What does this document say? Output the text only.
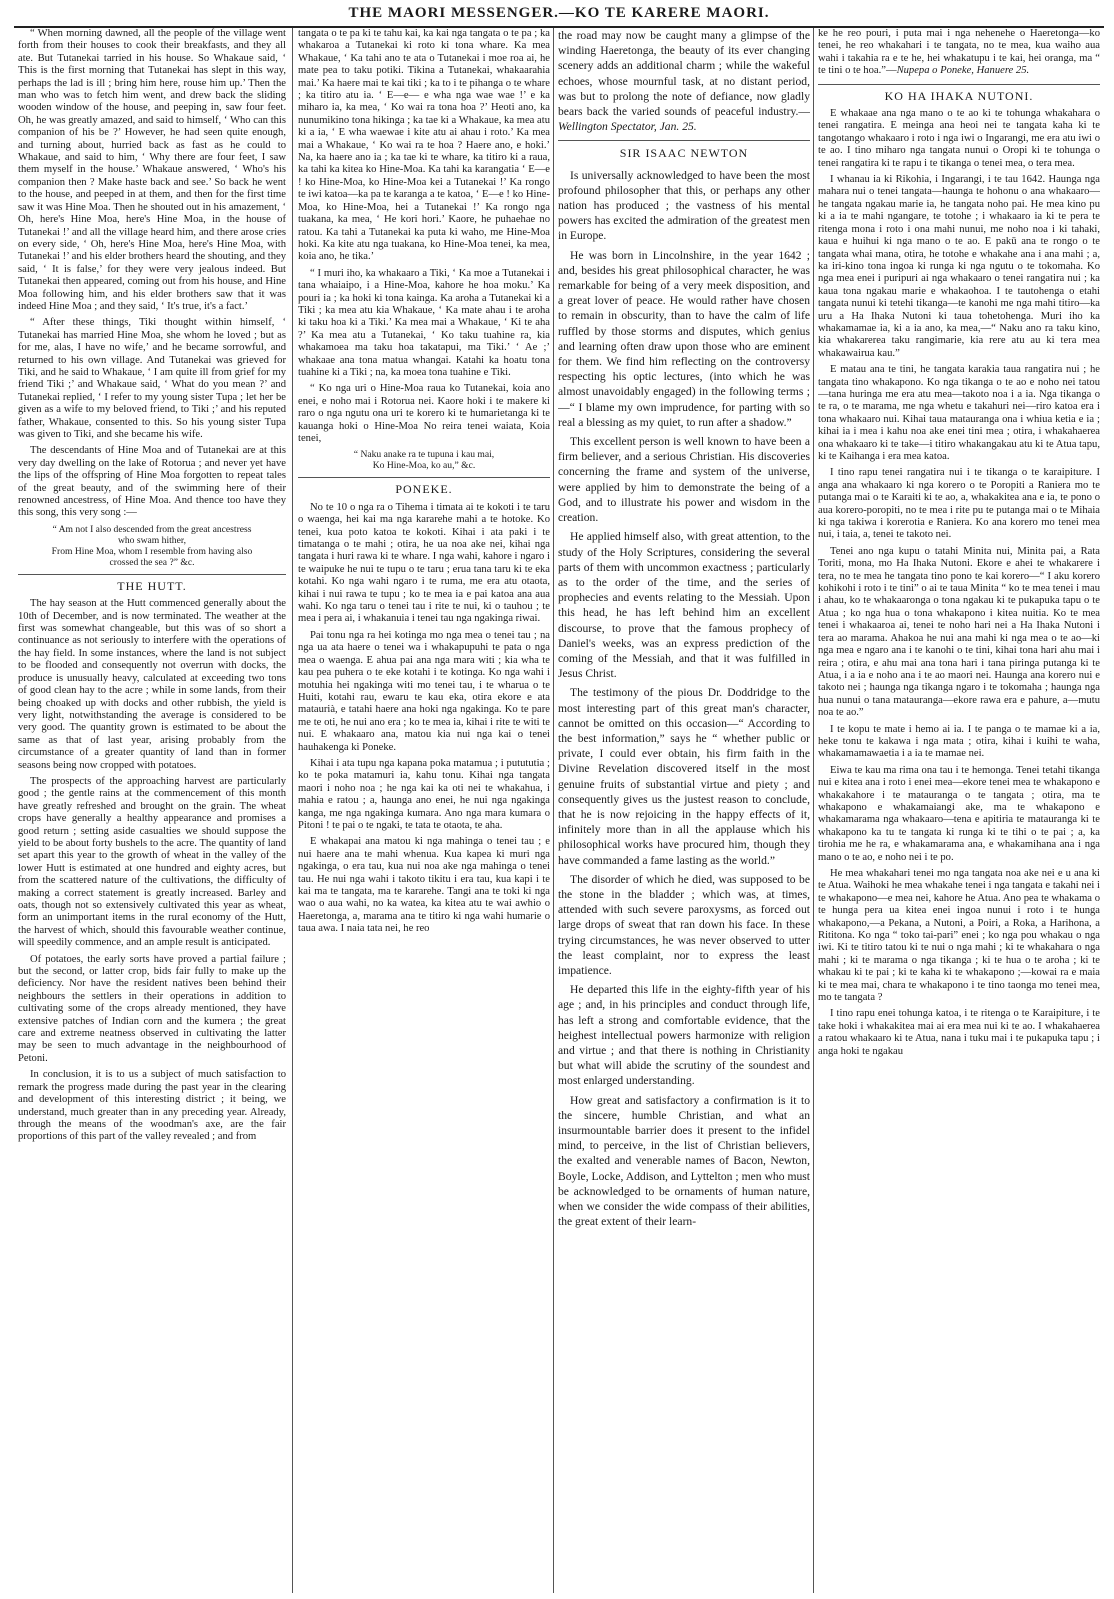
THE MAORI MESSENGER.—KO TE KARERE MAORI.

“ When morning dawned, all the people of the village went forth from their houses to cook their breakfasts, and they all ate. But Tutanekai tarried in his house. So Whakaue said, ‘ This is the first morning that Tutanekai has slept in this way, perhaps the lad is ill ; bring him here, rouse him up.’ Then the man who was to fetch him went, and drew back the sliding wooden window of the house, and peeping in, saw four feet. Oh, he was greatly amazed, and said to himself, ‘ Who can this companion of his be ?’ However, he had seen quite enough, and turning about, hurried back as fast as he could to Whakaue, and said to him, ‘ Why there are four feet, I saw them myself in the house.’ Whakaue answered, ‘ Who's his companion then ? Make haste back and see.’ So back he went to the house, and peeped in at them, and then for the first time saw it was Hine Moa. Then he shouted out in his amazement, ‘ Oh, here's Hine Moa, here's Hine Moa, in the house of Tutanekai !’ and all the village heard him, and there arose cries on every side, ‘ Oh, here's Hine Moa, here's Hine Moa, with Tutanekai !’ and his elder brothers heard the shouting, and they said, ‘ It is false,’ for they were very jealous indeed. But Tutanekai then appeared, coming out from his house, and Hine Moa following him, and his elder brothers saw that it was indeed Hine Moa ; and they said, ‘ It's true, it's a fact.’

“ After these things, Tiki thought within himself, ‘ Tutanekai has married Hine Moa, she whom he loved ; but as for me, alas, I have no wife,’ and he became sorrowful, and returned to his own village. And Tutanekai was grieved for Tiki, and he said to Whakaue, ‘ I am quite ill from grief for my friend Tiki ;’ and Whakaue said, ‘ What do you mean ?’ and Tutanekai replied, ‘ I refer to my young sister Tupa ; let her be given as a wife to my beloved friend, to Tiki ;’ and his reputed father, Whakaue, consented to this. So his young sister Tupa was given to Tiki, and she became his wife.

The descendants of Hine Moa and of Tutanekai are at this very day dwelling on the lake of Rotorua ; and never yet have the lips of the offspring of Hine Moa forgotten to repeat tales of the great beauty, and of the swimming here of their renowned ancestress, of Hine Moa. And thence too have they this song, this very song :—

“ Am not I also descended from the great ancestress
who swam hither,
From Hine Moa, whom I resemble from having also
crossed the sea ?” &c.
THE HUTT.

The hay season at the Hutt commenced generally about the 10th of December, and is now terminated. The weather at the first was somewhat changeable, but this was of so short a continuance as not seriously to interfere with the operations of the hay field. In some instances, where the land is not subject to be flooded and consequently not overrun with docks, the produce is unusually heavy, calculated at exceeding two tons of good clean hay to the acre ; while in some lands, from their being choaked up with docks and other rubbish, the yield is very light, notwithstanding the average is considered to be very good. The quantity grown is estimated to be about the same as that of last year, arising probably from the circumstance of a greater quantity of land than in former seasons being now cropped with potatoes.

The prospects of the approaching harvest are particularly good ; the gentle rains at the commencement of this month have greatly refreshed and brought on the grain. The wheat crops have generally a healthy appearance and promises a good return ; setting aside casualties we should suppose the yield to be about forty bushels to the acre. The quantity of land set apart this year to the growth of wheat in the valley of the lower Hutt is estimated at one hundred and eighty acres, but from the scattered nature of the cultivations, the difficulty of making a correct statement is greatly increased. Barley and oats, though not so extensively cultivated this year as wheat, form an unimportant items in the rural economy of the Hutt, the harvest of which, should this favourable weather continue, will speedily commence, and an ample result is anticipated.

Of potatoes, the early sorts have proved a partial failure ; but the second, or latter crop, bids fair fully to make up the deficiency. Nor have the resident natives been behind their neighbours the settlers in their operations in addition to cultivating some of the crops already mentioned, they have extensive patches of Indian corn and the kumera ; the great care and extreme neatness observed in cultivating the latter may be seen to much advantage in the neighbourhood of Petoni.

In conclusion, it is to us a subject of much satisfaction to remark the progress made during the past year in the clearing and development of this interesting district ; it being, we understand, much greater than in any preceding year. Already, through the means of the woodman's axe, are the fair proportions of this part of the valley revealed ; and from

tangata o te pa ki te tahu kai, ka kai nga tangata o te pa ; ka whakaroa a Tutanekai ki roto ki tona whare. Ka mea Whakaue, ‘ Ka tahi ano te ata o Tutanekai i moe roa ai, he mate pea to taku potiki. Tikina a Tutanekai, whakaarahia mai.’ Ka haere mai te kai tiki ; ka to i te pihanga o te whare ; ka titiro atu ia. ‘ E—e— e wha nga wae wae !’ e ka miharo ia, ka mea, ‘ Ko wai ra tona hoa ?’ Heoti ano, ka nunumikino tona hikinga ; ka tae ki a Whakaue, ka mea atu ki a ia, ‘ E wha waewae i kite atu ai ahau i roto.’ Ka mea mai a Whakaue, ‘ Ko wai ra te hoa ? Haere ano, e hoki.’ Na, ka haere ano ia ; ka tae ki te whare, ka titiro ki a raua, ka tahi ka kitea ko Hine-Moa. Ka tahi ka karangatia ‘ E—e ! ko Hine-Moa, ko Hine-Moa kei a Tutanekai !’ Ka rongo te iwi katoa—ka pa te karanga a te katoa, ‘ E—e ! ko Hine-Moa, ko Hine-Moa, hei a Tutanekai !’ Ka rongo nga tuakana, ka mea, ‘ He kori hori.’ Kaore, he puhaehae no ratou. Ka tahi a Tutanekai ka puta ki waho, me Hine-Moa hoki. Ka kite atu nga tuakana, ko Hine-Moa tenei, ka mea, koia ano, he tika.’

“ I muri iho, ka whakaaro a Tiki, ‘ Ka moe a Tutanekai i tana whaiaipo, i a Hine-Moa, kahore he hoa moku.’ Ka pouri ia ; ka hoki ki tona kainga. Ka aroha a Tutanekai ki a Tiki ; ka mea atu kia Whakaue, ‘ Ka mate ahau i te aroha ki taku hoa ki a Tiki.’ Ka mea mai a Whakaue, ‘ Ki te aha ?’ Ka mea atu a Tutanekai, ‘ Ko taku tuahine ra, kia whakamoea ma taku hoa takatapui, ma Tiki.’ ‘ Ae ;’ whakaae ana tona matua whangai. Katahi ka hoatu tona tuahine ki a Tiki ; na, ka moea tona tuahine e Tiki.

“ Ko nga uri o Hine-Moa raua ko Tutanekai, koia ano enei, e noho mai i Rotorua nei. Kaore hoki i te makere ki raro o nga ngutu ona uri te korero ki te humarietanga ki te kauanga hoki o Hine-Moa No reira tenei waiata, Koia tenei,

“ Naku anake ra te tupuna i kau mai,
Ko Hine-Moa, ko au,” &c.
PONEKE.

No te 10 o nga ra o Tihema i timata ai te kokoti i te taru o waenga, hei kai ma nga kararehe mahi a te hotoke. Ko tenei, kua poto katoa te kokoti. Kihai i ata paki i te timatanga o te mahi ; otira, he ua noa ake nei, kihai nga tangata i huri rawa ki te whare. I nga wahi, kahore i ngaro i te waipuke he nui te tupu o te taru ; erua tana taru ki te eka kotahi. Ko nga wahi ngaro i te ruma, me era atu otaota, kihai i nui rawa te tupu ; ko te mea ia e pai katoa ana aua wahi. Ko nga taru o tenei tau i rite te nui, ki o tauhou ; te mea i pera ai, i whakanuia i tenei tau nga ngakinga riwai.

Pai tonu nga ra hei kotinga mo nga mea o tenei tau ; na nga ua ata haere o tenei wa i whakapupuhi te pata o nga mea o waenga. E ahua pai ana nga mara witi ; kia wha te kau pea puhera o te eke kotahi i te kotinga. Ko nga wahi i motuhia hei ngakinga witi mo tenei tau, i te wharua o te Huiti, kotahi rau, ewaru te kau eka, otira ekore e ata mataurià, e tatahi haere ana hoki nga ngakinga. Ko te pare me te oti, he nui ano era ; ko te mea ia, kihai i rite te witi te nui. E whakaaro ana, matou kia nui nga kai o tenei hauhakenga ki Poneke.

Kihai i ata tupu nga kapana poka matamua ; i putututia ; ko te poka matamuri ia, kahu tonu. Kihai nga tangata maori i noho noa ; he nga kai ka oti nei te whakahua, i mahia e ratou ; a, haunga ano enei, he nui nga ngakinga kanga, me nga ngakinga kumara. Ano nga mara kumara o Pitoni ! te pai o te ngaki, te tata te otaota, te aha.

E whakapai ana matou ki nga mahinga o tenei tau ; e nui haere ana te mahi whenua. Kua kapea ki muri nga ngakinga, o era tau, kua nui noa ake nga mahinga o tenei tau. He nui nga wahi i takoto tikitu i era tau, kua kapi i te kai ma te tangata, ma te kararehe. Tangi ana te toki ki nga wao o aua wahi, no ka watea, ka kitea atu te wai awhio o Haeretonga, a, marama ana te titiro ki nga wahi humarie o taua awa. I naia tata nei, he reo

the road may now be caught many a glimpse of the winding Haeretonga, the beauty of its ever changing scenery adds an additional charm ; while the wakeful echoes, whose mournful task, at no distant period, was but to prolong the note of defiance, now gladly bears back the varied sounds of peaceful industry.—Wellington Spectator, Jan. 25.

SIR ISAAC NEWTON

Is universally acknowledged to have been the most profound philosopher that this, or perhaps any other nation has produced ; the vastness of his mental powers has excited the admiration of the greatest men in Europe.

He was born in Lincolnshire, in the year 1642 ; and, besides his great philosophical character, he was remarkable for being of a very meek disposition, and a great lover of peace. He would rather have chosen to remain in obscurity, than to have the calm of life ruffled by those storms and disputes, which genius and learning often draw upon those who are eminent for them. We find him reflecting on the controversy respecting his optic lectures, (into which he was almost unavoidably engaged) in the following terms ;—“ I blame my own imprudence, for parting with so real a blessing as my quiet, to run after a shadow.”

This excellent person is well known to have been a firm believer, and a serious Christian. His discoveries concerning the frame and system of the universe, were applied by him to demonstrate the being of a God, and to illustrate his power and wisdom in the creation.

He applied himself also, with great attention, to the study of the Holy Scriptures, considering the several parts of them with uncommon exactness ; particularly as to the order of the time, and the series of prophecies and events relating to the Messiah. Upon this head, he has left behind him an excellent discourse, to prove that the famous prophecy of Daniel's weeks, was an express prediction of the coming of the Messiah, and that it was fulfilled in Jesus Christ.

The testimony of the pious Dr. Doddridge to the most interesting part of this great man's character, cannot be omitted on this occasion—“ According to the best information,” says he “ whether public or private, I could ever obtain, his firm faith in the Divine Revelation discovered itself in the most genuine fruits of substantial virtue and piety ; and consequently gives us the justest reason to conclude, that he is now rejoicing in the happy effects of it, infinitely more than in all the applause which his philosophical works have procured him, though they have commanded a fame lasting as the world.”

The disorder of which he died, was supposed to be the stone in the bladder ; which was, at times, attended with such severe paroxysms, as forced out large drops of sweat that ran down his face. In these trying circumstances, he was never observed to utter the least complaint, nor to express the least impatience.

He departed this life in the eighty-fifth year of his age ; and, in his principles and conduct through life, has left a strong and comfortable evidence, that the heighest intellectual powers harmonize with religion and virtue ; and that there is nothing in Christianity but what will abide the scrutiny of the soundest and most enlarged understanding.

How great and satisfactory a confirmation is it to the sincere, humble Christian, and what an insurmountable barrier does it present to the infidel mind, to perceive, in the list of Christian believers, the exalted and venerable names of Bacon, Newton, Boyle, Locke, Addison, and Lyttelton ; men who must be acknowledged to be ornaments of human nature, when we consider the wide compass of their abilities, the great extent of their learn-

ke he reo pouri, i puta mai i nga nehenehe o Haeretonga—ko tenei, he reo whakahari i te tangata, no te mea, kua waiho aua wahi i takahia ra e te he, hei whakatupu i te kai, hei oranga, ma “ te tini o te hoa.”—Nupepa o Poneke, Hanuere 25.

KO HA IHAKA NUTONI.

E whakaae ana nga mano o te ao ki te tohunga whakahara o tenei rangatira. E meinga ana heoi nei te tangata kaha ki te tangotango whakaaro i roto i nga iwi o Ingarangi, me era atu iwi o te ao. I tino miharo nga tangata nunui o Oropi ki te tohunga o tenei rangatira ki te rapu i te tikanga o tenei mea, o tera mea.

I whanau ia ki Rikohia, i Ingarangi, i te tau 1642. Haunga nga mahara nui o tenei tangata—haunga te hohonu o ana whakaaro—he tangata ngakau marie ia, he tangata noho pai. He mea kino pu ki a ia te mahi ngangare, te totohe ; i whakaaro ia ki te pera te ritenga mona i roto i ona mahi nunui, me noho noa i ki tahaki, kaua e huihui ki nga mano o te ao. E pakū ana te rongo o te tangata whai mana, otira, he totohe e whakahe ana i ana mahi ; a, ka iri-kino tona ingoa ki runga ki nga ngutu o te tokomaha. Ko nga mea enei i puripuri ai nga whakaaro o tenei rangatira nui ; ka kaua tona ngakau marie e whakaohoa. I te tautohenga o etahi tangata nunui ki tetehi tikanga—te kanohi me nga mahi titiro—ka uru a Ha Ihaka Nutoni ki taua tohetohenga. Muri iho ka whakamamae ia, ki a ia ano, ka mea,—“ Naku ano ra taku kino, kia whakarerea taku rangimarie, kia rere atu au ki tera mea whakawairua kau.”

E matau ana te tini, he tangata karakia taua rangatira nui ; he tangata tino whakapono. Ko nga tikanga o te ao e noho nei tatou—tana huringa me era atu mea—takoto noa i a ia. Nga tikanga o te ra, o te marama, me nga whetu e takahuri nei—riro katoa era i tona whakaaro nui. Kihai taua matauranga ona i whiua ketia e ia ; kihai ia i mea i kahu noa ake enei tini mea ; otira, i whakahaerea ona whakaaro ki te take—i titiro whakangakau atu ki te Atua tapu, ki te Kaihanga i era mea katoa.

I tino rapu tenei rangatira nui i te tikanga o te karaipiture. I anga ana whakaaro ki nga korero o te Poropiti a Raniera mo te putanga mai o te Karaiti ki te ao, a, whakakitea ana e ia, te pono o aua korero-poropiti, no te mea i rite pu te putanga mai o te Mihaia ki nga takiwa i korerotia e Raniera. Ko ana korero mo tenei mea nui, i taia, a, tenei te takoto nei.

Tenei ano nga kupu o tatahi Minita nui, Minita pai, a Rata Toriti, mona, mo Ha Ihaka Nutoni. Ekore e ahei te whakarere i tera, no te mea he tangata tino pono te kai korero—“ I aku korero kohikohi i roto i te tini” o ai te taua Minita “ ko te mea tenei i mau i ahau, ko te whakaaronga o tona ngakau ki te pukapuka tapu o te Atua ; ko nga hua o tona whakapono i kitea nuitia. Ko te mea tenei i whakaaroa ai, tenei te noho hari nei a Ha Ihaka Nutoni i tera ao marama. Ahakoa he nui ana mahi ki nga mea o te ao—ki nga mea e ngaro ana i te kanohi o te tini, kihai tona hari ahu mai i reira ; otira, e ahu mai ana tona hari i tana piringa putanga ki te Atua, i a ia e noho ana i te ao maori nei. Haunga ana korero nui e takoto nei ; haunga nga tikanga ngaro i te tokomaha ; haunga nga hua nunui o tana matauranga—ekore rawa era e pahure, a—mutu noa te ao.”

I te kopu te mate i hemo ai ia. I te panga o te mamae ki a ia, heke tonu te kakawa i nga mata ; otira, kihai i kuihi te waha, whakamamawaetia i a ia te mamae nei.

Eiwa te kau ma rima ona tau i te hemonga. Tenei tetahi tikanga nui e kitea ana i roto i enei mea—ekore tenei mea te whakapono e whakakahore i te matauranga o te tangata ; otira, ma te whakapono e whakamaiangi ake, ma te whakapono e whakamarama nga whakaaro—tena e apitiria te matauranga ki te whakapono ka tu te tangata ki runga ki te tihi o te pai ; a, ka tirohia me he ra, e whakamarama ana, e whakamihana ana i nga mano o te ao, e noho nei i te po.

He mea whakahari tenei mo nga tangata noa ake nei e u ana ki te Atua. Waihoki he mea whakahe tenei i nga tangata e takahi nei i te whakapono—e mea nei, kahore he Atua. Ano pea te whakama o te hunga pera ua kitea enei ingoa nunui i roto i te hunga whakapono,—a Pekana, a Nutoni, a Poiri, a Roka, a Harihona, a Rititona. Ko nga “ toko tai-pari” enei ; ko nga pou whakau o nga iwi. Ki te titiro tatou ki te nui o nga mahi ; ki te whakahara o nga mahi ; ki te marama o nga tikanga ; ki te hua o te aroha ; ki te whakau ki te pai ; ki te kaha ki te whakapono ;—kowai ra e maia ki te mea mai, chara te whakapono i te tino taonga mo tenei mea, mo te tangata ?

I tino rapu enei tohunga katoa, i te ritenga o te Karaipiture, i te take hoki i whakakitea mai ai era mea nui ki te ao. I whakahaerea a ratou whakaaro ki te Atua, nana i tuku mai i te pukapuka tapu ; i anga hoki te ngakau
